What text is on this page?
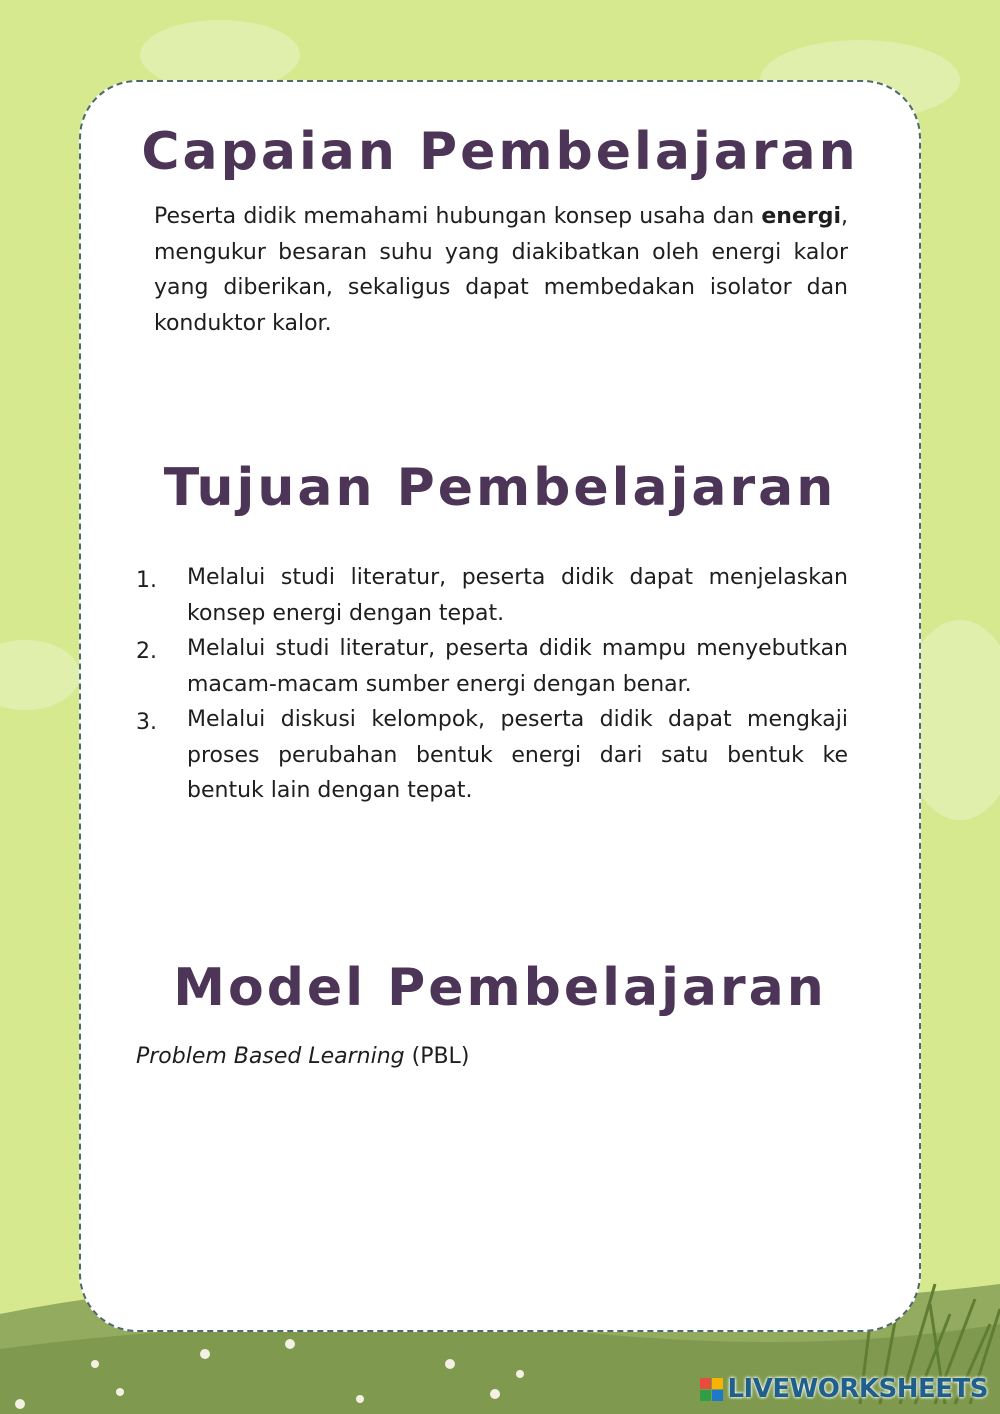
Capaian Pembelajaran

Peserta didik memahami hubungan konsep usaha dan energi, mengukur besaran suhu yang diakibatkan oleh energi kalor yang diberikan, sekaligus dapat membedakan isolator dan konduktor kalor.

Tujuan Pembelajaran
1. Melalui studi literatur, peserta didik dapat menjelaskan konsep energi dengan tepat.
2. Melalui studi literatur, peserta didik mampu menyebutkan macam-macam sumber energi dengan benar.
3. Melalui diskusi kelompok, peserta didik dapat mengkaji proses perubahan bentuk energi dari satu bentuk ke bentuk lain dengan tepat.
Model Pembelajaran

Problem Based Learning (PBL)

LIVEWORKSHEETS
